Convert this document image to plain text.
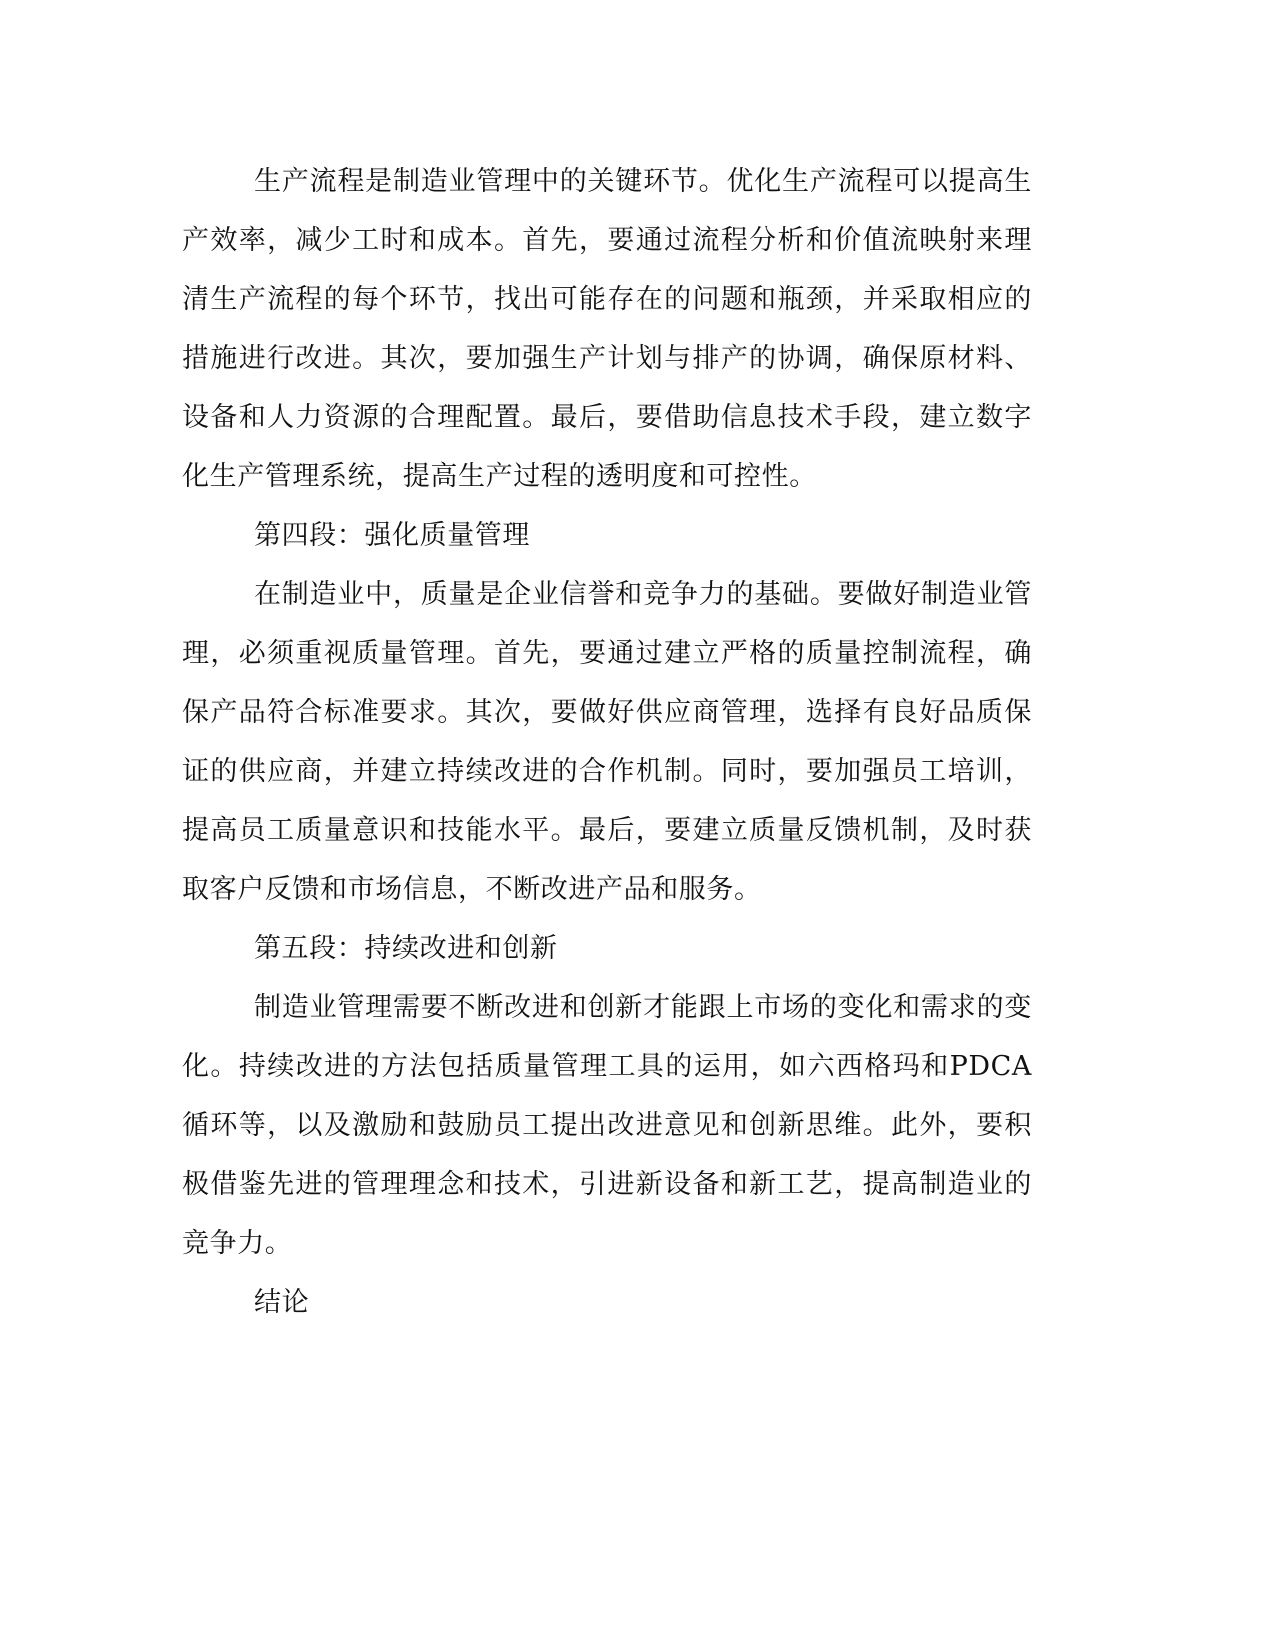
生产流程是制造业管理中的关键环节。优化生产流程可以提高生产效率，减少工时和成本。首先，要通过流程分析和价值流映射来理清生产流程的每个环节，找出可能存在的问题和瓶颈，并采取相应的措施进行改进。其次，要加强生产计划与排产的协调，确保原材料、设备和人力资源的合理配置。最后，要借助信息技术手段，建立数字化生产管理系统，提高生产过程的透明度和可控性。

第四段：强化质量管理

在制造业中，质量是企业信誉和竞争力的基础。要做好制造业管理，必须重视质量管理。首先，要通过建立严格的质量控制流程，确保产品符合标准要求。其次，要做好供应商管理，选择有良好品质保证的供应商，并建立持续改进的合作机制。同时，要加强员工培训，提高员工质量意识和技能水平。最后，要建立质量反馈机制，及时获取客户反馈和市场信息，不断改进产品和服务。

第五段：持续改进和创新

制造业管理需要不断改进和创新才能跟上市场的变化和需求的变化。持续改进的方法包括质量管理工具的运用，如六西格玛和PDCA循环等，以及激励和鼓励员工提出改进意见和创新思维。此外，要积极借鉴先进的管理理念和技术，引进新设备和新工艺，提高制造业的竞争力。

结论
